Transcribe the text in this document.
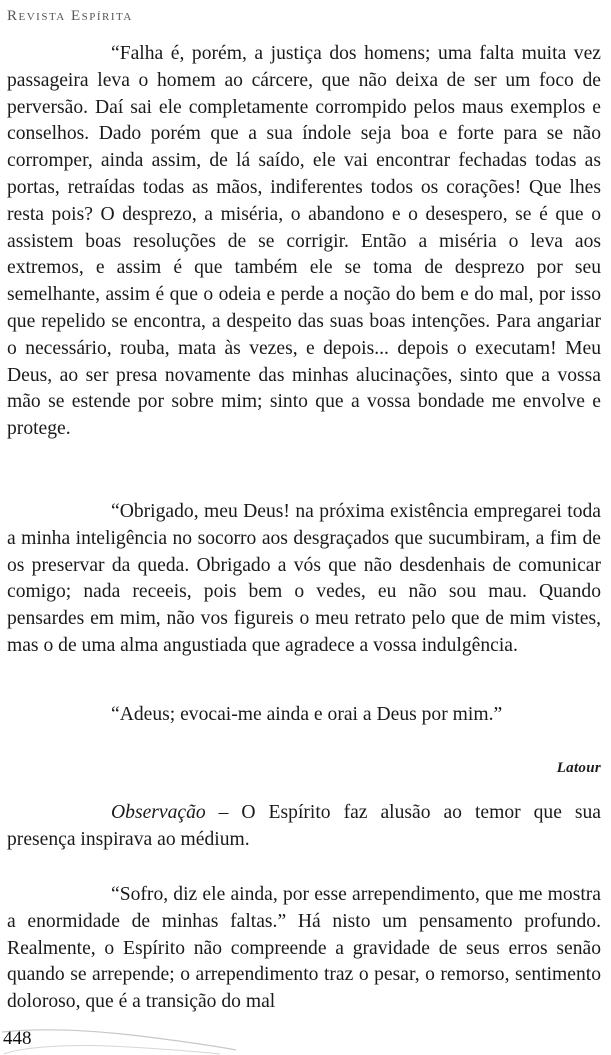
Revista Espírita
“Falha é, porém, a justiça dos homens; uma falta muita vez passageira leva o homem ao cárcere, que não deixa de ser um foco de perversão. Daí sai ele completamente corrompido pelos maus exemplos e conselhos. Dado porém que a sua índole seja boa e forte para se não corromper, ainda assim, de lá saído, ele vai encontrar fechadas todas as portas, retraídas todas as mãos, indiferentes todos os corações! Que lhes resta pois? O desprezo, a miséria, o abandono e o desespero, se é que o assistem boas resoluções de se corrigir. Então a miséria o leva aos extremos, e assim é que também ele se toma de desprezo por seu semelhante, assim é que o odeia e perde a noção do bem e do mal, por isso que repelido se encontra, a despeito das suas boas intenções. Para angariar o necessário, rouba, mata às vezes, e depois... depois o executam! Meu Deus, ao ser presa novamente das minhas alucinações, sinto que a vossa mão se estende por sobre mim; sinto que a vossa bondade me envolve e protege.
“Obrigado, meu Deus! na próxima existência empregarei toda a minha inteligência no socorro aos desgraçados que sucumbiram, a fim de os preservar da queda. Obrigado a vós que não desdenhais de comunicar comigo; nada receeis, pois bem o vedes, eu não sou mau. Quando pensardes em mim, não vos figureis o meu retrato pelo que de mim vistes, mas o de uma alma angustiada que agradece a vossa indulgência.
“Adeus; evocai-me ainda e orai a Deus por mim.”
Latour
Observação – O Espírito faz alusão ao temor que sua presença inspirava ao médium.
“Sofro, diz ele ainda, por esse arrependimento, que me mostra a enormidade de minhas faltas.” Há nisto um pensamento profundo. Realmente, o Espírito não compreende a gravidade de seus erros senão quando se arrepende; o arrependimento traz o pesar, o remorso, sentimento doloroso, que é a transição do mal
448
